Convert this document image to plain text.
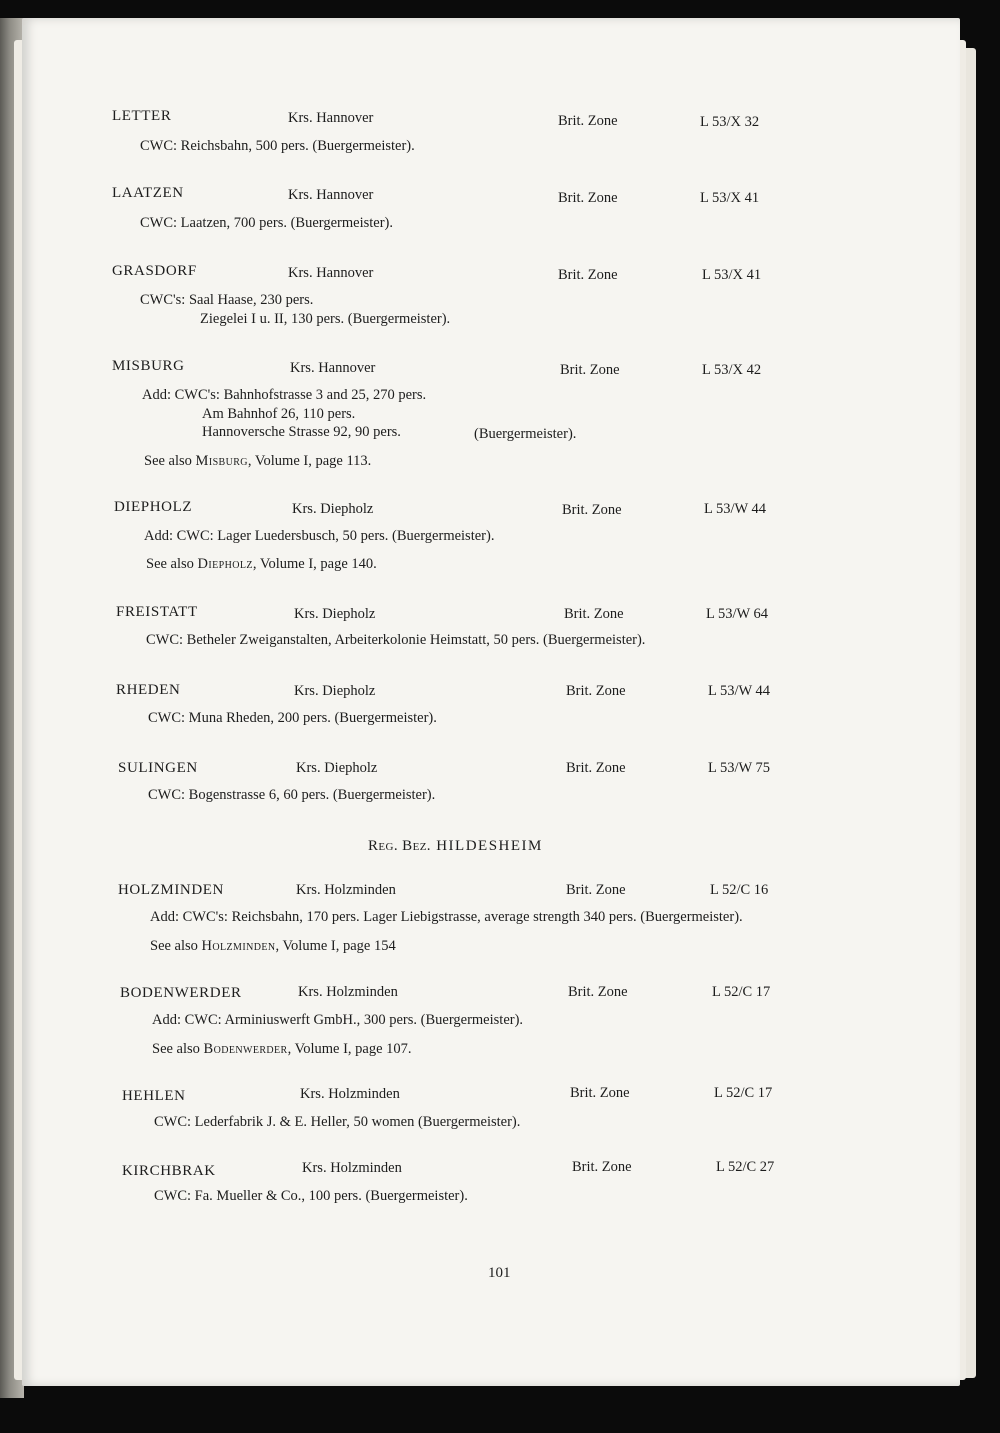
LETTER	Krs. Hannover	Brit. Zone	L 53/X 32
CWC: Reichsbahn, 500 pers. (Buergermeister).
LAATZEN	Krs. Hannover	Brit. Zone	L 53/X 41
CWC: Laatzen, 700 pers. (Buergermeister).
GRASDORF	Krs. Hannover	Brit. Zone	L 53/X 41
CWC's: Saal Haase, 230 pers.
Ziegelei I u. II, 130 pers. (Buergermeister).
MISBURG	Krs. Hannover	Brit. Zone	L 53/X 42
Add: CWC's: Bahnhofstrasse 3 and 25, 270 pers.
Am Bahnhof 26, 110 pers.
Hannoversche Strasse 92, 90 pers.	(Buergermeister).
See also Misburg, Volume I, page 113.
DIEPHOLZ	Krs. Diepholz	Brit. Zone	L 53/W 44
Add: CWC: Lager Luedersbusch, 50 pers. (Buergermeister).
See also Diepholz, Volume I, page 140.
FREISTATT	Krs. Diepholz	Brit. Zone	L 53/W 64
CWC: Betheler Zweiganstalten, Arbeiterkolonie Heimstatt, 50 pers. (Buergermeister).
RHEDEN	Krs. Diepholz	Brit. Zone	L 53/W 44
CWC: Muna Rheden, 200 pers. (Buergermeister).
SULINGEN	Krs. Diepholz	Brit. Zone	L 53/W 75
CWC: Bogenstrasse 6, 60 pers. (Buergermeister).
Reg. Bez. HILDESHEIM
HOLZMINDEN	Krs. Holzminden	Brit. Zone	L 52/C 16
Add: CWC's: Reichsbahn, 170 pers. Lager Liebigstrasse, average strength 340 pers. (Buergermeister).
See also Holzminden, Volume I, page 154
BODENWERDER	Krs. Holzminden	Brit. Zone	L 52/C 17
Add: CWC: Arminiuswerft GmbH., 300 pers. (Buergermeister).
See also Bodenwerder, Volume I, page 107.
HEHLEN	Krs. Holzminden	Brit. Zone	L 52/C 17
CWC: Lederfabrik J. & E. Heller, 50 women (Buergermeister).
KIRCHBRAK	Krs. Holzminden	Brit. Zone	L 52/C 27
CWC: Fa. Mueller & Co., 100 pers. (Buergermeister).
101
